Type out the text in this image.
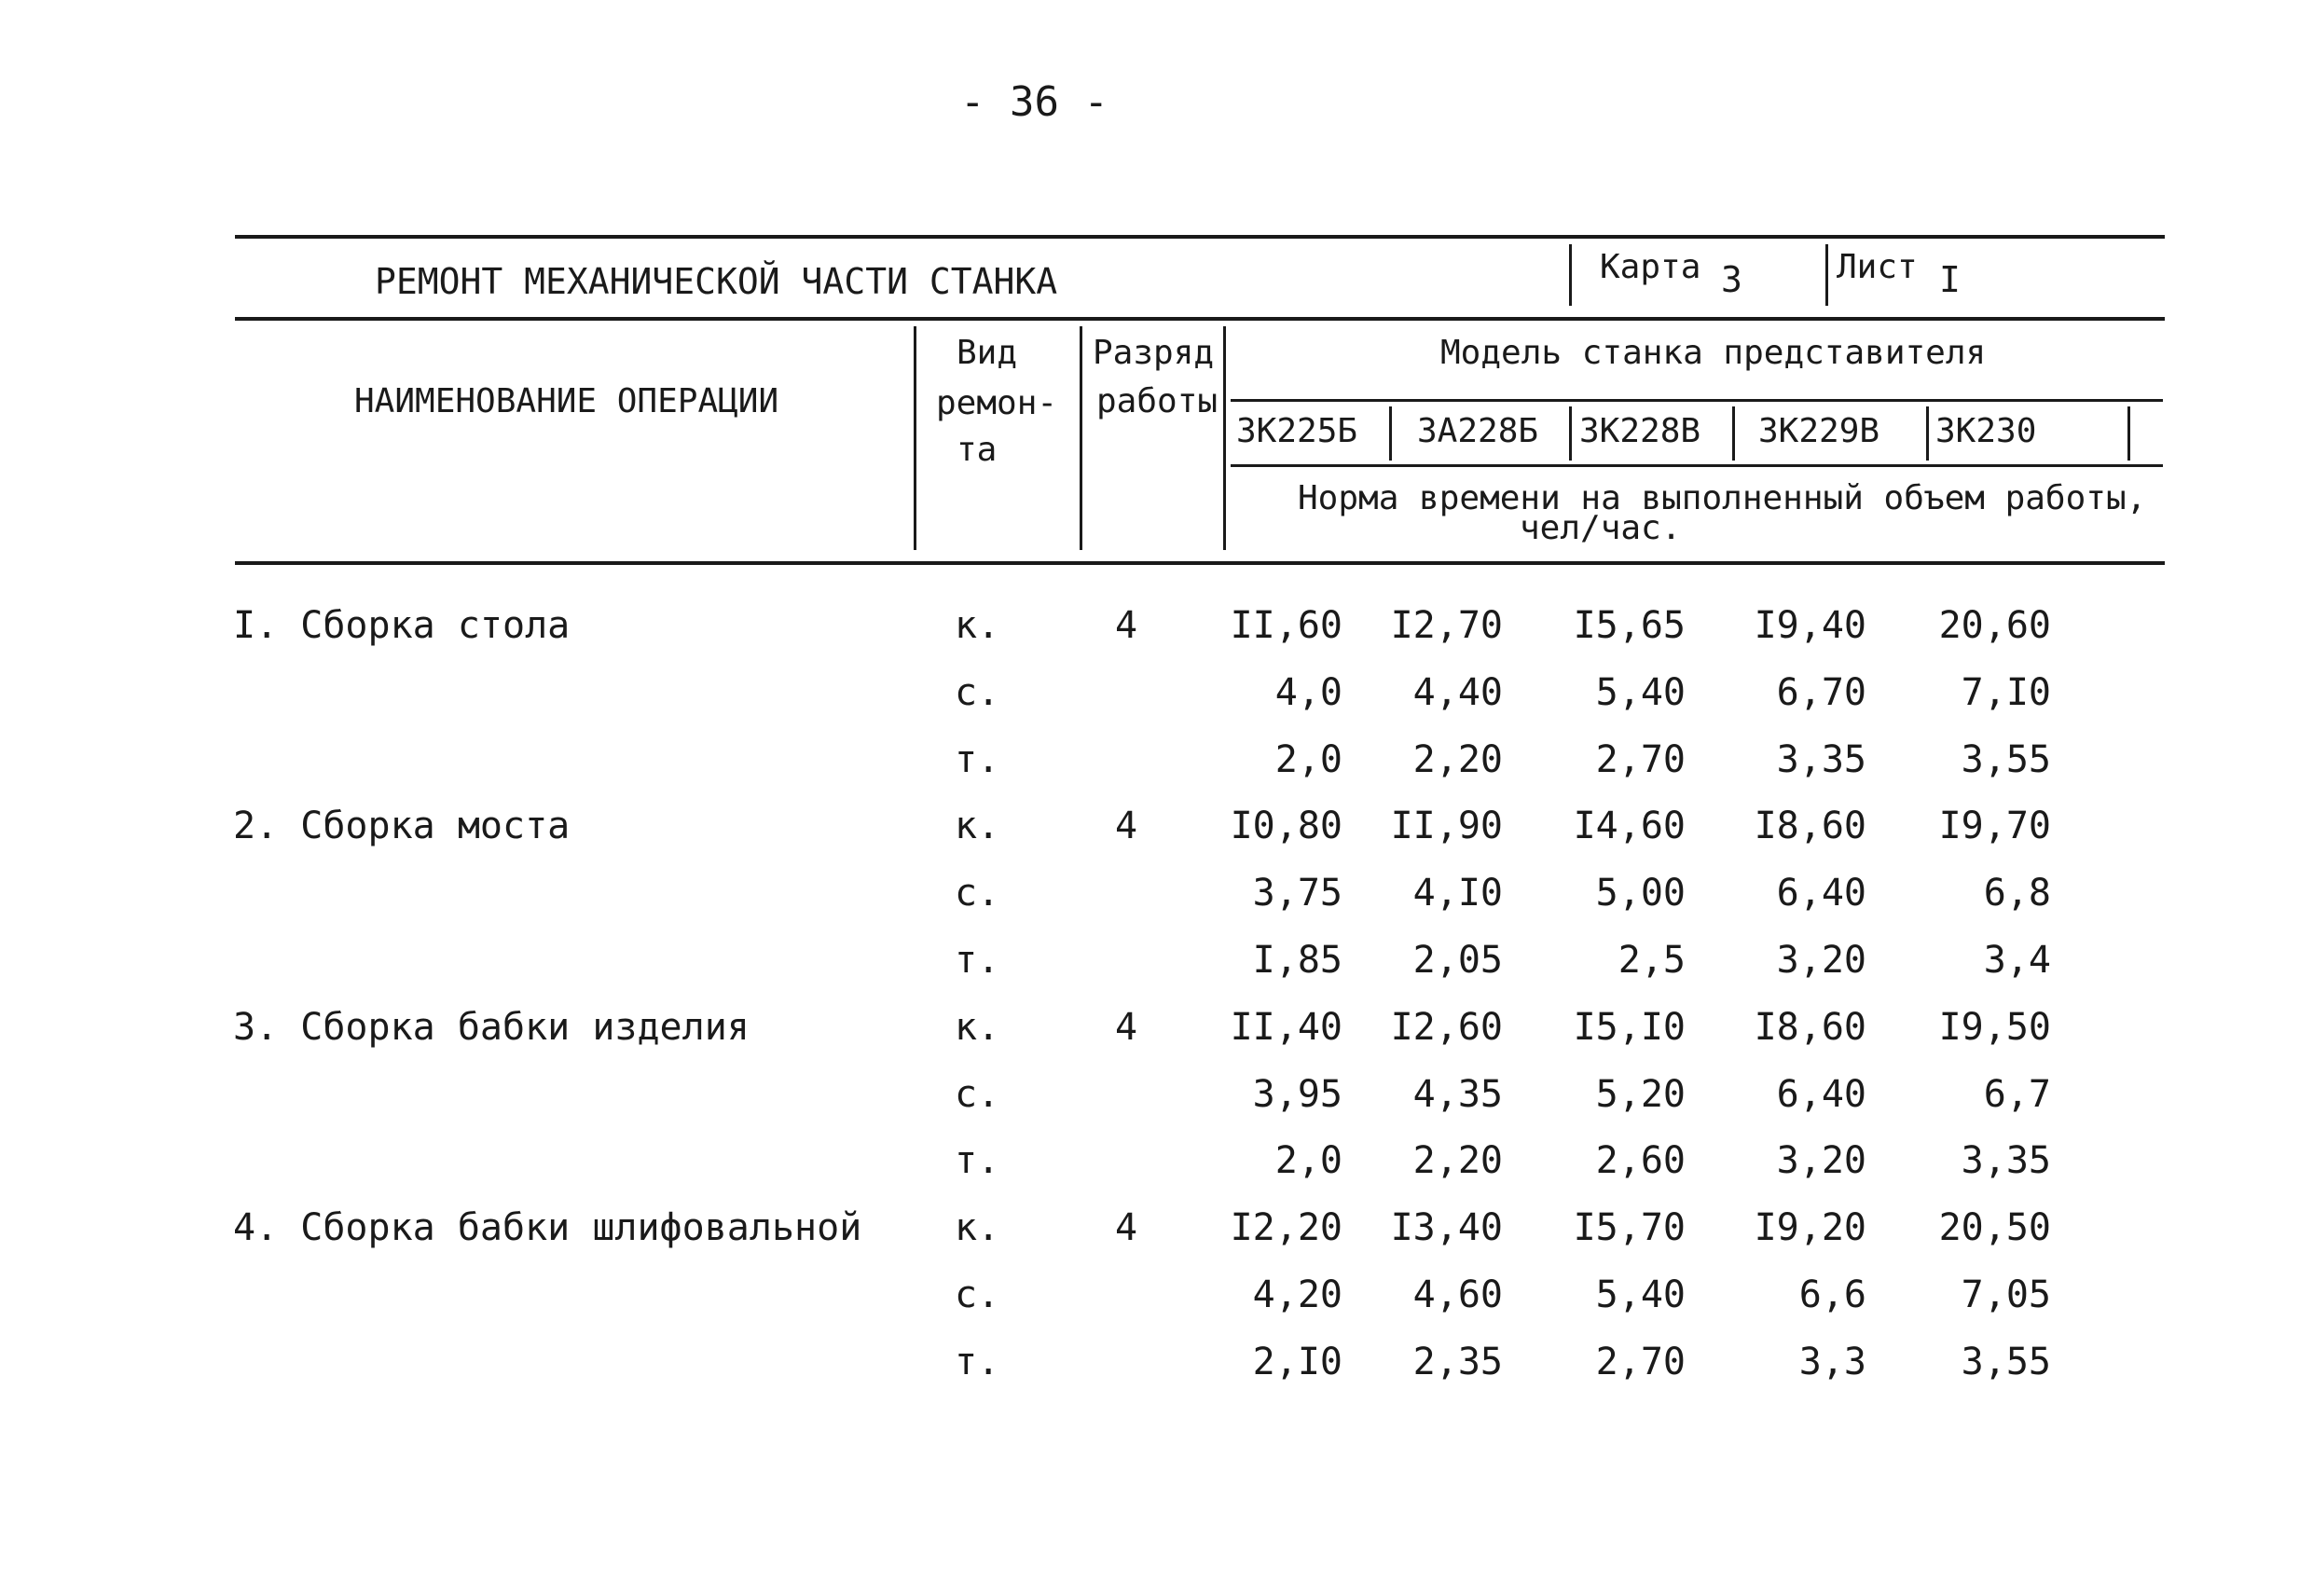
- 36 -
РЕМОНТ МЕХАНИЧЕСКОЙ ЧАСТИ СТАНКА	Карта 3	Лист I
НАИМЕНОВАНИЕ ОПЕРАЦИИ
Вид
ремон-
та
Разряд
работы
Модель станка представителя
3К225Б 3А228Б 3К228В 3К229В 3К230
Норма времени на выполненный объем работы,
чел/час.
I. Сборка стола	к.	4	II,60	I2,70	I5,65	I9,40	20,60
с.	4,0	4,40	5,40	6,70	7,I0
т.	2,0	2,20	2,70	3,35	3,55
2. Сборка моста	к.	4	I0,80	II,90	I4,60	I8,60	I9,70
с.	3,75	4,I0	5,00	6,40	6,8
т.	I,85	2,05	2,5	3,20	3,4
3. Сборка бабки изделия	к.	4	II,40	I2,60	I5,I0	I8,60	I9,50
с.	3,95	4,35	5,20	6,40	6,7
т.	2,0	2,20	2,60	3,20	3,35
4. Сборка бабки шлифовальной к.	4	I2,20	I3,40	I5,70	I9,20	20,50
с.	4,20	4,60	5,40	6,6	7,05
т.	2,I0	2,35	2,70	3,3	3,55
